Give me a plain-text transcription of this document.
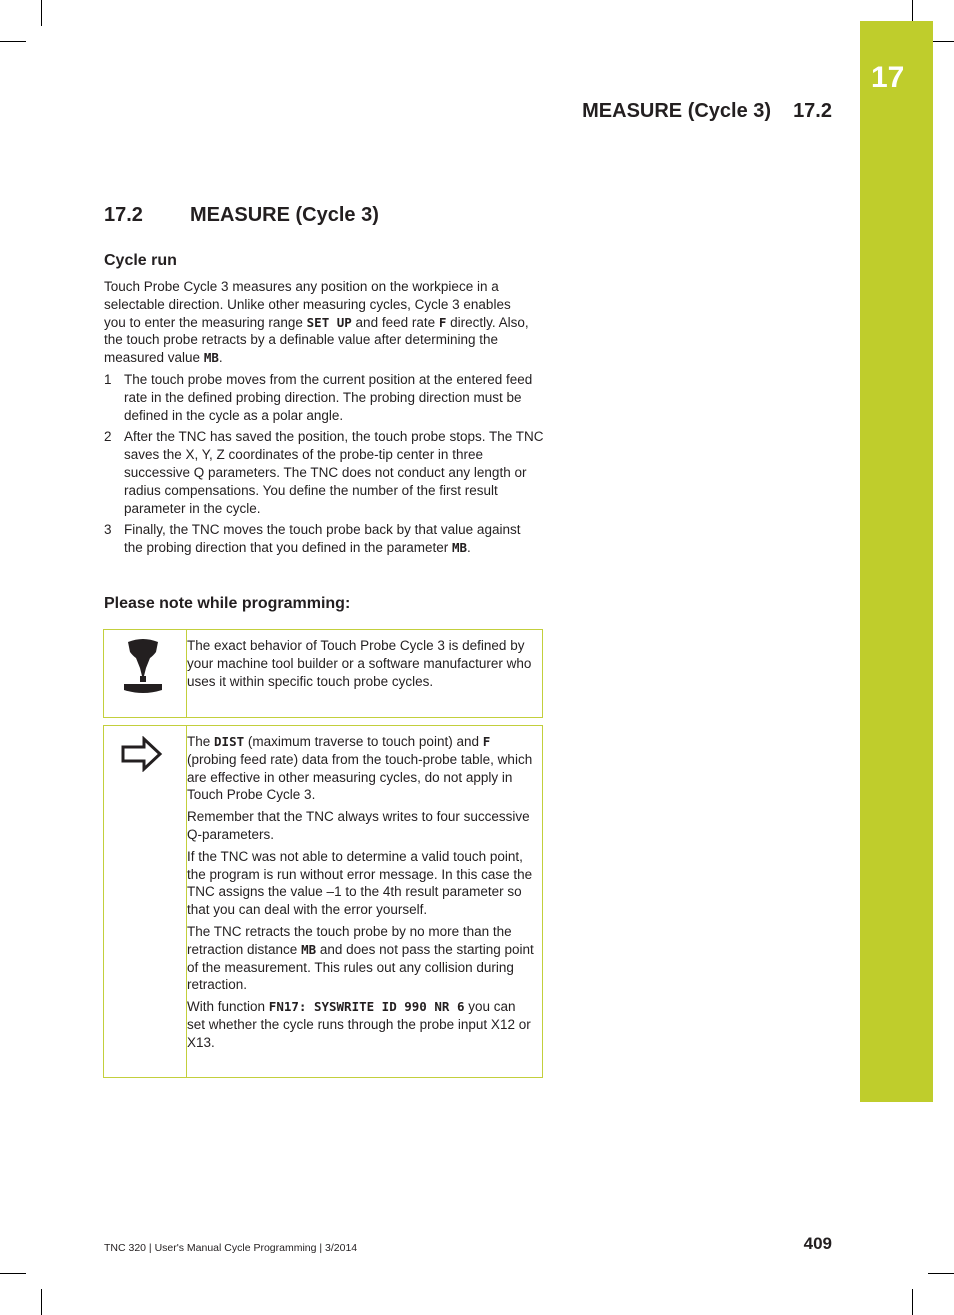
17
MEASURE (Cycle 3) 17.2
17.2 MEASURE (Cycle 3)
Cycle run
Touch Probe Cycle 3 measures any position on the workpiece in a selectable direction. Unlike other measuring cycles, Cycle 3 enables you to enter the measuring range SET UP and feed rate F directly. Also, the touch probe retracts by a definable value after determining the measured value MB.
1 The touch probe moves from the current position at the entered feed rate in the defined probing direction. The probing direction must be defined in the cycle as a polar angle.
2 After the TNC has saved the position, the touch probe stops. The TNC saves the X, Y, Z coordinates of the probe-tip center in three successive Q parameters. The TNC does not conduct any length or radius compensations. You define the number of the first result parameter in the cycle.
3 Finally, the TNC moves the touch probe back by that value against the probing direction that you defined in the parameter MB.
Please note while programming:

The exact behavior of Touch Probe Cycle 3 is defined by your machine tool builder or a software manufacturer who uses it within specific touch probe cycles.

The DIST (maximum traverse to touch point) and F (probing feed rate) data from the touch-probe table, which are effective in other measuring cycles, do not apply in Touch Probe Cycle 3.

Remember that the TNC always writes to four successive Q-parameters.

If the TNC was not able to determine a valid touch point, the program is run without error message. In this case the TNC assigns the value –1 to the 4th result parameter so that you can deal with the error yourself.

The TNC retracts the touch probe by no more than the retraction distance MB and does not pass the starting point of the measurement. This rules out any collision during retraction.

With function FN17: SYSWRITE ID 990 NR 6 you can set whether the cycle runs through the probe input X12 or X13.

TNC 320 | User's Manual Cycle Programming | 3/2014	409
